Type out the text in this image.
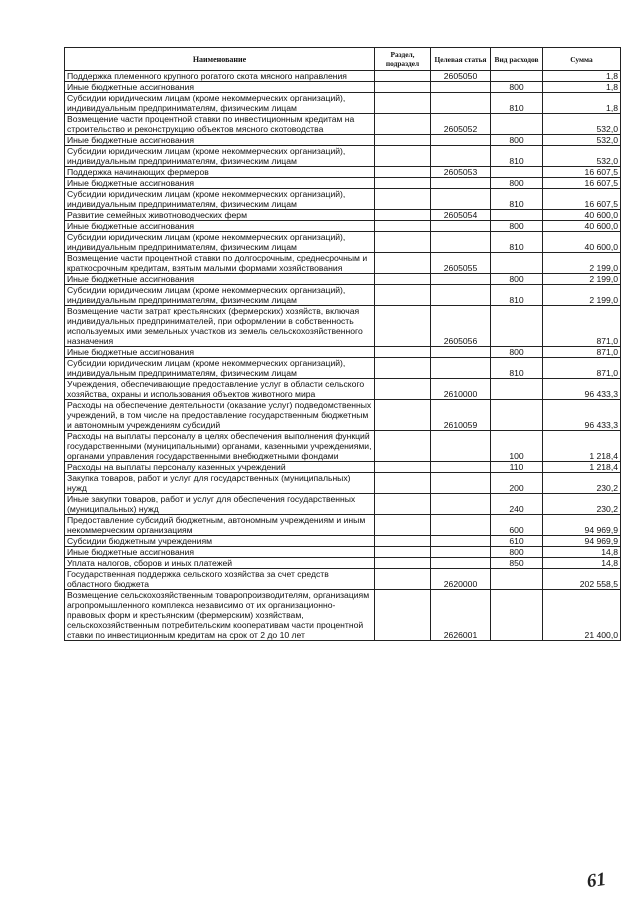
Наименование	Раздел, подраздел	Целевая статья	Вид расходов	Сумма
Поддержка племенного крупного рогатого скота мясного направления		2605050		1,8
Иные бюджетные ассигнования			800	1,8
Субсидии юридическим лицам (кроме некоммерческих организаций), индивидуальным предпринимателям, физическим лицам			810	1,8
Возмещение части процентной ставки по инвестиционным кредитам на строительство и реконструкцию объектов мясного скотоводства		2605052		532,0
Иные бюджетные ассигнования			800	532,0
Субсидии юридическим лицам (кроме некоммерческих организаций), индивидуальным предпринимателям, физическим лицам			810	532,0
Поддержка начинающих фермеров		2605053		16 607,5
Иные бюджетные ассигнования			800	16 607,5
Субсидии юридическим лицам (кроме некоммерческих организаций), индивидуальным предпринимателям, физическим лицам			810	16 607,5
Развитие семейных животноводческих ферм		2605054		40 600,0
Иные бюджетные ассигнования			800	40 600,0
Субсидии юридическим лицам (кроме некоммерческих организаций), индивидуальным предпринимателям, физическим лицам			810	40 600,0
Возмещение части процентной ставки по долгосрочным, среднесрочным и краткосрочным кредитам, взятым малыми формами хозяйствования		2605055		2 199,0
Иные бюджетные ассигнования			800	2 199,0
Субсидии юридическим лицам (кроме некоммерческих организаций), индивидуальным предпринимателям, физическим лицам			810	2 199,0
Возмещение части затрат крестьянских (фермерских) хозяйств, включая индивидуальных предпринимателей, при оформлении в собственность используемых ими земельных участков из земель сельскохозяйственного назначения		2605056		871,0
Иные бюджетные ассигнования			800	871,0
Субсидии юридическим лицам (кроме некоммерческих организаций), индивидуальным предпринимателям, физическим лицам			810	871,0
Учреждения, обеспечивающие предоставление услуг в области сельского хозяйства, охраны и использования объектов животного мира		2610000		96 433,3
Расходы на обеспечение деятельности (оказание услуг) подведомственных учреждений, в том числе на предоставление государственным бюджетным и автономным учреждениям субсидий		2610059		96 433,3
Расходы на выплаты персоналу в целях обеспечения выполнения функций государственными (муниципальными) органами, казенными учреждениями, органами управления государственными внебюджетными фондами			100	1 218,4
Расходы на выплаты персоналу казенных учреждений			110	1 218,4
Закупка товаров, работ и услуг для государственных (муниципальных) нужд			200	230,2
Иные закупки товаров, работ и услуг для обеспечения государственных (муниципальных) нужд			240	230,2
Предоставление субсидий бюджетным, автономным учреждениям и иным некоммерческим организациям			600	94 969,9
Субсидии бюджетным учреждениям			610	94 969,9
Иные бюджетные ассигнования			800	14,8
Уплата налогов, сборов и иных платежей			850	14,8
Государственная поддержка сельского хозяйства за счет средств областного бюджета		2620000		202 558,5
Возмещение сельскохозяйственным товаропроизводителям, организациям агропромышленного комплекса независимо от их организационно-правовых форм и крестьянским (фермерским) хозяйствам, сельскохозяйственным потребительским кооперативам части процентной ставки по инвестиционным кредитам на срок от 2 до 10 лет		2626001		21 400,0
61
